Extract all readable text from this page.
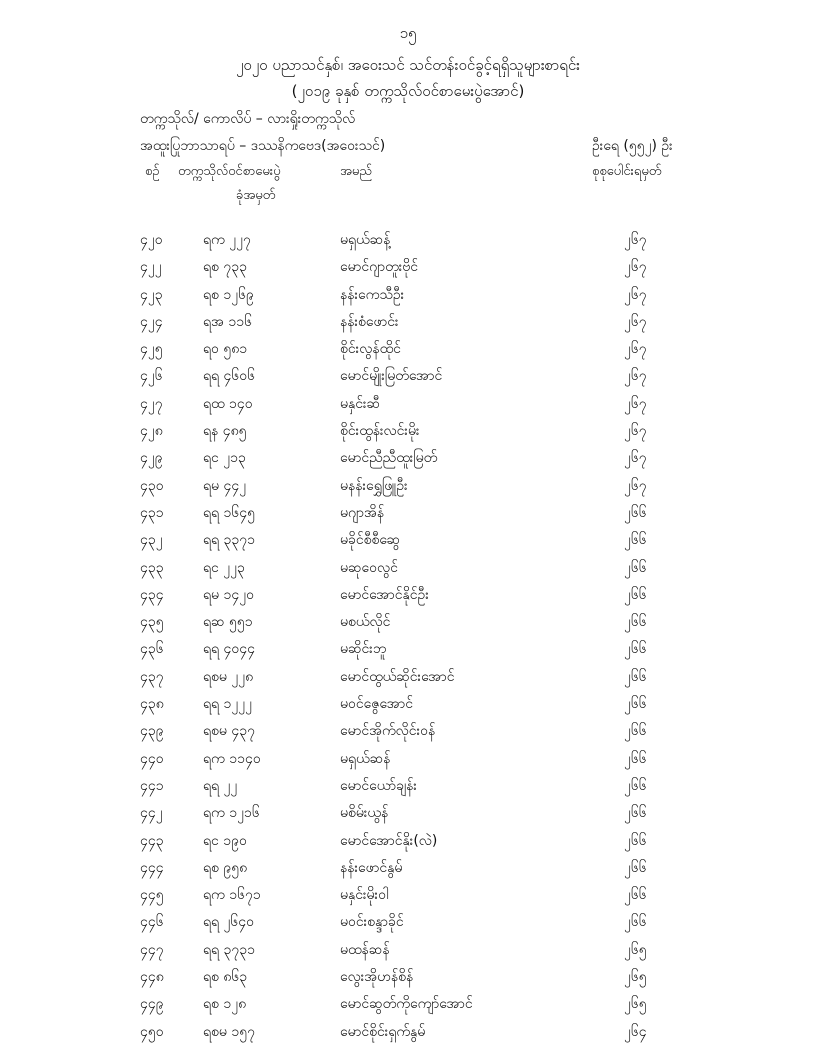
၁၅
၂၀၂၀ ပညာသင်နှစ်၊ အဝေးသင် သင်တန်းဝင်ခွင့်ရရှိသူများစာရင်း
(၂၀၁၉ ခုနှစ် တက္ကသိုလ်ဝင်စာမေးပွဲအောင်)
တက္ကသိုလ်/ ကောလိပ် – လားရှိုးတက္ကသိုလ်
အထူးပြုဘာသာရပ် – ဒဿနိကဗေဒ(အဝေးသင်)	ဦးရေ (၅၅၂) ဦး
စဉ် တက္ကသိုလ်ဝင်စာမေးပွဲ
ခုံအမှတ်
အမည်	စုစုပေါင်းရမှတ်
၄၂၀	ရက ၂၂၇	မရှယ်ဆန့်	၂၆၇
၄၂၂	ရစ ၇၃၃	မောင်ဂျာတူးဗိုင်	၂၆၇
၄၂၃	ရစ ၁၂၆၉	နန်းကေသီဦး	၂၆၇
၄၂၄	ရအ ၁၁၆	နန်းစံဖောင်း	၂၆၇
၄၂၅	ရဝ ၅၈၁	စိုင်းလွန်ထိုင်	၂၆၇
၄၂၆	ရရ ၄၆၀၆	မောင်မျိုးမြတ်အောင်	၂၆၇
၄၂၇	ရထ ၁၄၀	မနှင်းဆီ	၂၆၇
၄၂၈	ရန ၄၈၅	စိုင်းထွန်းလင်းမိုး	၂၆၇
၄၂၉	ရင ၂၁၃	မောင်ညီညီထူးမြတ်	၂၆၇
၄၃၀	ရမ ၄၄၂	မနန်းရွှေဖြူဦး	၂၆၇
၄၃၁	ရရ ၁၆၄၅	မဂျာအိန်	၂၆၆
၄၃၂	ရရ ၃၃၇၁	မခိုင်စီစီဆွေ	၂၆၆
၄၃၃	ရင ၂၂၃	မဆုဝေလွင်	၂၆၆
၄၃၄	ရမ ၁၄၂၀	မောင်အောင်နိုင်ဦး	၂၆၆
၄၃၅	ရဆ ၅၅၁	မစယ်လိုင်	၂၆၆
၄၃၆	ရရ ၄၀၄၄	မဆိုင်းဘူ	၂၆၆
၄၃၇	ရစမ ၂၂၈	မောင်ထွယ်ဆိုင်းအောင်	၂၆၆
၄၃၈	ရရ ၁၂၂၂	မဝင်ဇွေအောင်	၂၆၆
၄၃၉	ရစမ ၄၃၇	မောင်အိုက်လိုင်းဝန်	၂၆၆
၄၄၀	ရက ၁၁၄၀	မရှယ်ဆန်	၂၆၆
၄၄၁	ရရ ၂၂	မောင်ယော်ချန်း	၂၆၆
၄၄၂	ရက ၁၂၁၆	မစိမ်းယွန်	၂၆၆
၄၄၃	ရင ၁၉၀	မောင်အောင်နိုး(လဲ)	၂၆၆
၄၄၄	ရစ ၉၅၈	နန်းဖောင်နွမ်	၂၆၆
၄၄၅	ရက ၁၆၇၁	မနှင်းမိုးဝါ	၂၆၆
၄၄၆	ရရ ၂၆၄၀	မဝင်းစန္ဒာခိုင်	၂၆၆
၄၄၇	ရရ ၃၇၃၁	မထန်ဆန်	၂၆၅
၄၄၈	ရစ ၈၆၃	လွေးအိုဟန်စိန်	၂၆၅
၄၄၉	ရစ ၁၂၈	မောင်ဆွတ်ကိုကျော်အောင်	၂၆၅
၄၅၀	ရစမ ၁၅၇	မောင်စိုင်းရှက်နွမ်	၂၆၄
